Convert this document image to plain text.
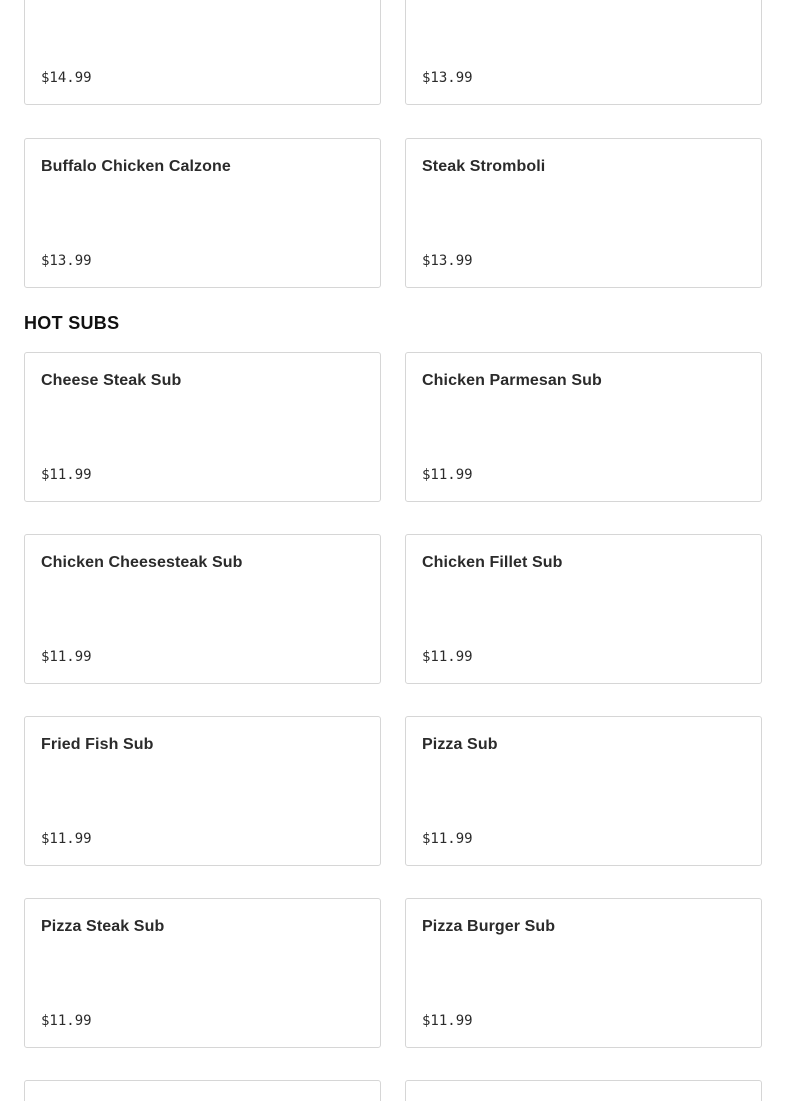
$14.99	$13.99
Buffalo Chicken Calzone
$13.99
Steak Stromboli
$13.99
HOT SUBS
Cheese Steak Sub
$11.99
Chicken Parmesan Sub
$11.99
Chicken Cheesesteak Sub
$11.99
Chicken Fillet Sub
$11.99
Fried Fish Sub
$11.99
Pizza Sub
$11.99
Pizza Steak Sub
$11.99
Pizza Burger Sub
$11.99
